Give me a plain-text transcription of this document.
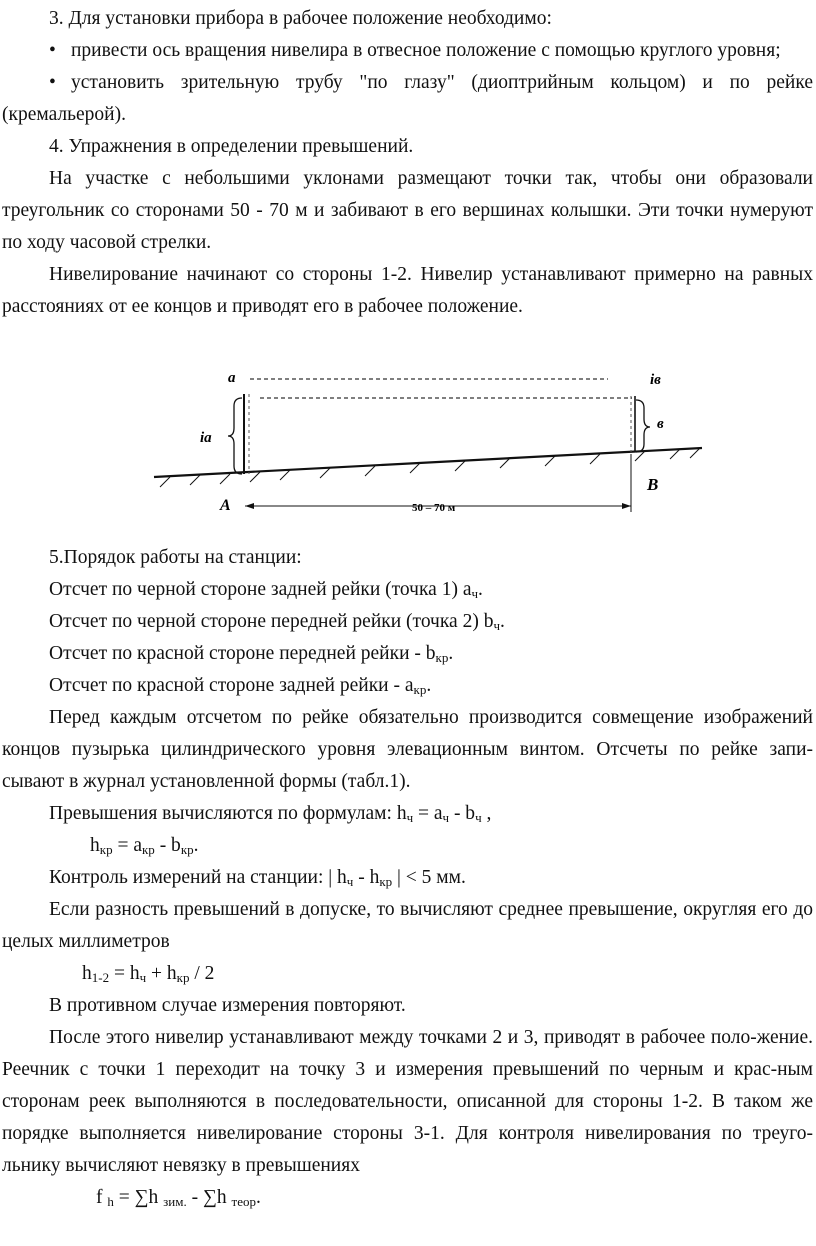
3. Для установки прибора в рабочее положение необходимо:

• привести ось вращения нивелира в отвесное положение с помощью круглого уровня;

• установить зрительную трубу "по глазу" (диоптрийным кольцом) и по рейке (кремальерой).

4. Упражнения в определении превышений.

На участке с небольшими уклонами размещают точки так, чтобы они образовали треугольник со сторонами 50 - 70 м и забивают в его вершинах колышки. Эти точки нумеруют по ходу часовой стрелки.

Нивелирование начинают со стороны 1-2. Нивелир устанавливают примерно на равных расстояниях от ее концов и приводят его в рабочее положение.

a	iв
iа
в
A
B
50 – 70 м

5.Порядок работы на станции:

Отсчет по черной стороне задней рейки (точка 1) $a_ч$.

Отсчет по черной стороне передней рейки (точка 2) $b_ч$.

Отсчет по красной стороне передней рейки - $b_{кр}$.

Отсчет по красной стороне задней рейки - $a_{кр}$.

Перед каждым отсчетом по рейке обязательно производится совмещение изображений концов пузырька цилиндрического уровня элевационным винтом. Отсчеты по рейке запи-сывают в журнал установленной формы (табл.1).

Превышения вычисляются по формулам: $h_ч = a_ч - b_ч$ ,

$h_{кр} = a_{кр} - b_{кр}$.

Контроль измерений на станции: | $h_ч - h_{кр}$ | < 5 мм.

Если разность превышений в допуске, то вычисляют среднее превышение, округляя его до целых миллиметров

$h_{1-2} = h_ч + h_{кр} / 2$

В противном случае измерения повторяют.

После этого нивелир устанавливают между точками 2 и 3, приводят в рабочее поло-жение. Реечник с точки 1 переходит на точку 3 и измерения превышений по черным и крас-ным сторонам реек выполняются в последовательности, описанной для стороны 1-2. В таком же порядке выполняется нивелирование стороны 3-1. Для контроля нивелирования по треуго-льнику вычисляют невязку в превышениях

f $_h$ = ∑h $_{зим.}$ - ∑h $_{теор}$.
